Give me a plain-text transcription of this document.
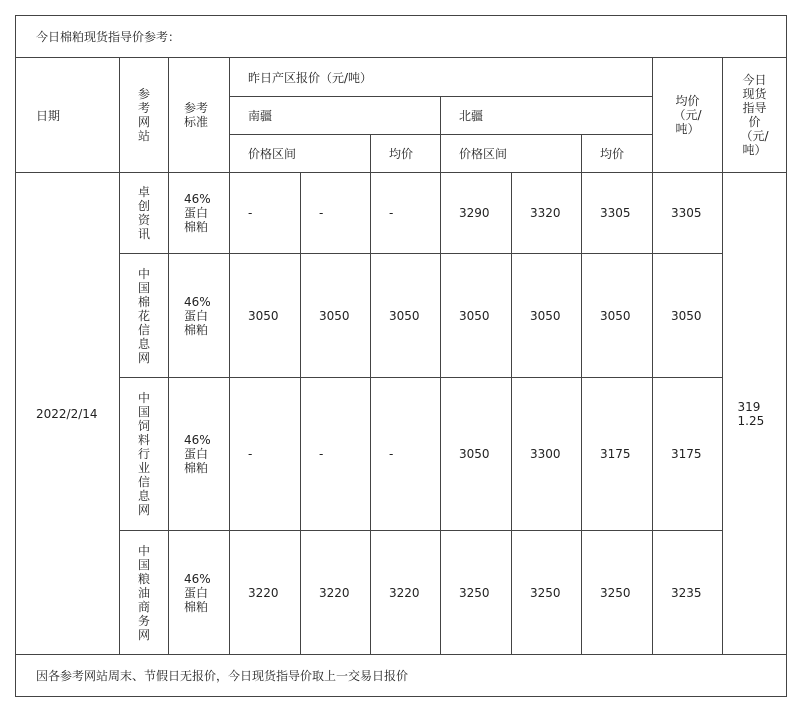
今日棉粕现货指导价参考：										
日期	参考网站	参考标准	昨日产区报价（元/吨）						均价（元/吨）	今日现货指导价（元/吨）

			南疆			北疆				
			价格区间		均价	价格区间		均价		
2022/2/14	卓创资讯	46%蛋白棉粕	-	-	-	3290	3320	3305	3305	3191.25

	中国棉花信息网	46%蛋白棉粕	3050	3050	3050	3050	3050	3050	3050	

	中国饲料行业信息网	46%蛋白棉粕	-	-	-	3050	3300	3175	3175	

	中国粮油商务网	46%蛋白棉粕	3220	3220	3220	3250	3250	3250	3235	
因各参考网站周末、节假日无报价，今日现货指导价取上一交易日报价										
